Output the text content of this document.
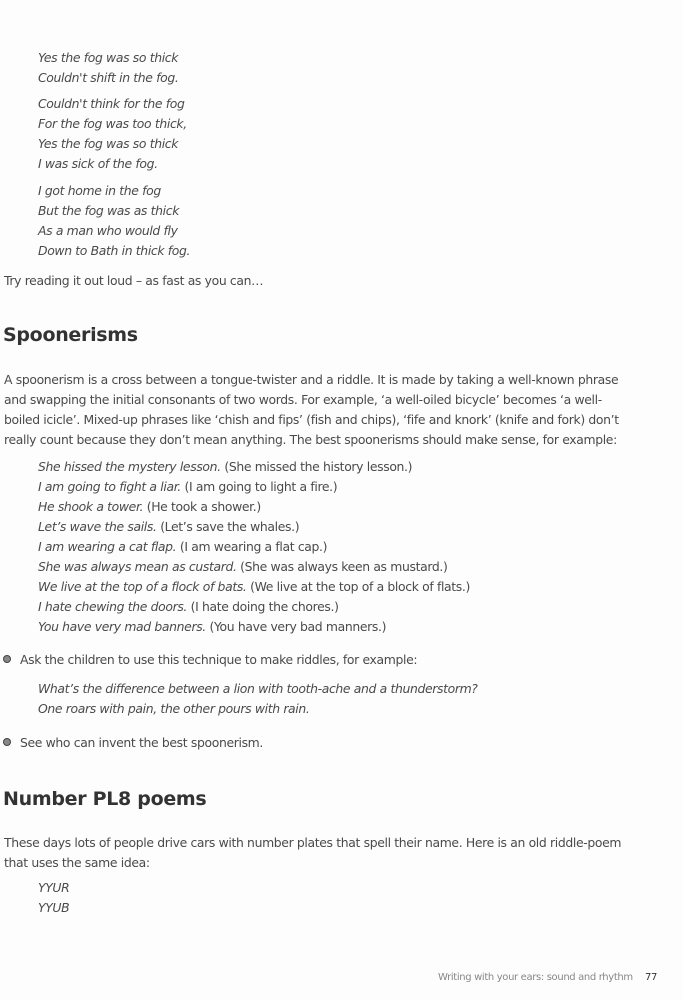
Yes the fog was so thick
Couldn't shift in the fog.
Couldn't think for the fog
For the fog was too thick,
Yes the fog was so thick
I was sick of the fog.
I got home in the fog
But the fog was as thick
As a man who would fly
Down to Bath in thick fog.
Try reading it out loud – as fast as you can…
Spoonerisms
A spoonerism is a cross between a tongue-twister and a riddle. It is made by taking a well-known phrase
and swapping the initial consonants of two words. For example, ‘a well-oiled bicycle’ becomes ‘a well-
boiled icicle’. Mixed-up phrases like ‘chish and fips’ (fish and chips), ‘fife and knork’ (knife and fork) don’t
really count because they don’t mean anything. The best spoonerisms should make sense, for example:
She hissed the mystery lesson. (She missed the history lesson.)
I am going to fight a liar. (I am going to light a fire.)
He shook a tower. (He took a shower.)
Let’s wave the sails. (Let’s save the whales.)
I am wearing a cat flap. (I am wearing a flat cap.)
She was always mean as custard. (She was always keen as mustard.)
We live at the top of a flock of bats. (We live at the top of a block of flats.)
I hate chewing the doors. (I hate doing the chores.)
You have very mad banners. (You have very bad manners.)
Ask the children to use this technique to make riddles, for example:
What’s the difference between a lion with tooth-ache and a thunderstorm?
One roars with pain, the other pours with rain.
See who can invent the best spoonerism.
Number PL8 poems
These days lots of people drive cars with number plates that spell their name. Here is an old riddle-poem
that uses the same idea:
YYUR
YYUB
Writing with your ears: sound and rhythm 77
